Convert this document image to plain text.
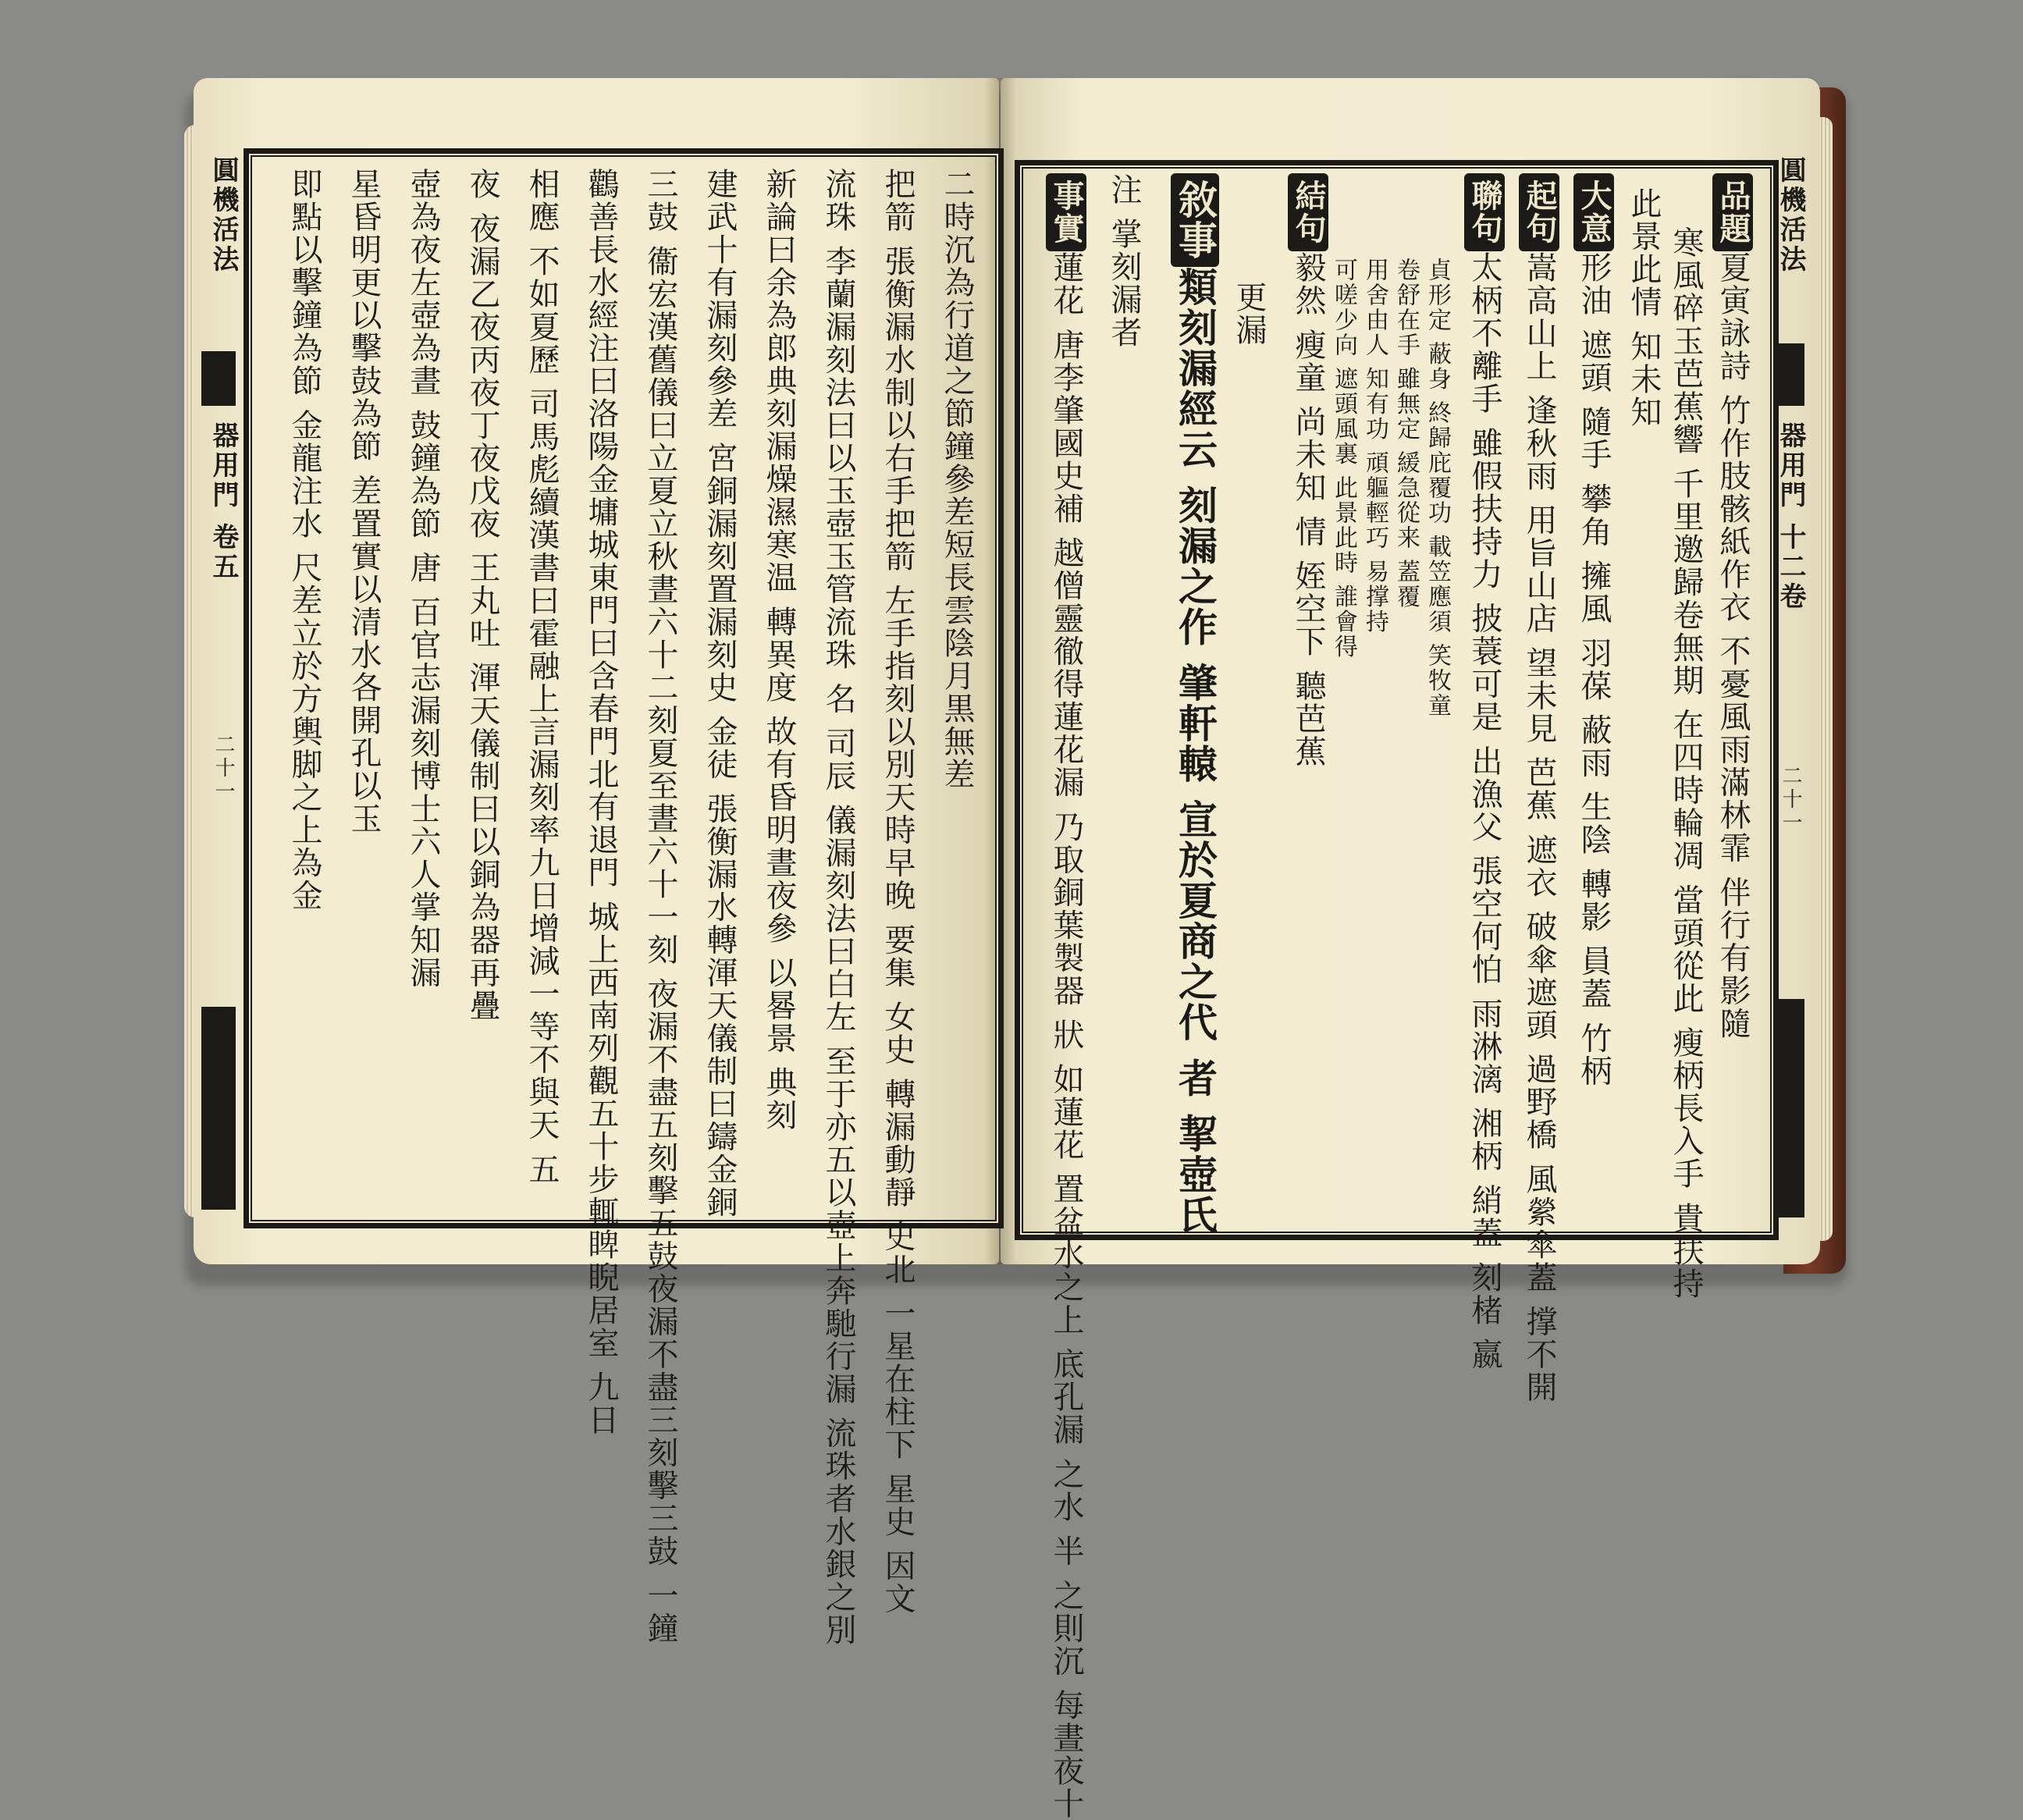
圓機活法
器用門 卷五
二十一
圓機活法
器用門 十二卷
二十一
二時沉為行道之節鐘參差短長雲陰月黒無差
把箭 張衡漏水制以右手把箭 左手指刻以別天時早晚 要集 女史 轉漏動靜 史北 一星在柱下 星史 因文
流珠 李蘭漏刻法曰以玉壺玉管流珠 名 司辰 儀漏刻法曰白左 至于亦五以壺上奔馳行漏 流珠者水銀之別
新論曰余為郎典刻漏燥濕寒温 轉異度 故有昏明晝夜參 以晷景 典刻
建武十有漏刻參差 宮銅漏刻置漏刻史 金徒 張衡漏水轉渾天儀制曰鑄金銅
三鼓 衞宏漢舊儀曰立夏立秋晝六十二刻夏至晝六十一刻 夜漏不盡五刻擊五鼓夜漏不盡三刻擊三鼓 一鐘
鸛善長水經注曰洛陽金墉城東門曰含春門北有退門 城上西南列觀五十步輒睥睨居室 九日
相應 不如夏歷 司馬彪續漢書曰霍融上言漏刻率九日增減一等不與天 五
夜 夜漏乙夜丙夜丁夜戊夜 王丸吐 渾天儀制曰以銅為器再疊
壺為夜左壺為晝 鼓鐘為節 唐 百官志漏刻博士六人掌知漏
星昏明更以擊鼓為節 差置實以清水各開孔以玉
即點以擊鐘為節 金龍注水 尺差立於方輿脚之上為金	品題夏寅詠詩 竹作肢骸紙作衣 不憂風雨滿林霏 伴行有影隨
寒風碎玉芭蕉響 千里邀歸卷無期 在四時輪凋 當頭從此 瘦柄長入手 貴扶持
此景此情 知未知
大意形油 遮頭 隨手 攀角 擁風 羽葆 蔽雨 生陰 轉影 員蓋 竹柄
起句嵩高山上 逢秋雨 用旨山店 望未見 芭蕉 遮衣 破傘遮頭 過野橋 風縈傘蓋 撑不開
聯句太柄不離手 雖假扶持力 披蓑可是 出漁父 張空何怕 雨淋漓 湘柄 綃蓋 刻楮 嬴
貞形定 蔽身 終歸庇覆功 載笠應須 笑牧童
卷舒在手 雖無定 緩急從来 蓋覆
用舍由人 知有功 頑軀輕巧 易撑持
可嗟少向 遮頭風裏 此景此時 誰會得
結句毅然 瘦童 尚未知 情 姪空下 聽芭蕉
更漏
敘事類刻漏經云 刻漏之作 肇軒轅 宣於夏商之代 者 挈壺氏
注 掌刻漏者
事實蓮花 唐李肇國史補 越僧靈徹得蓮花漏 乃取銅葉製器 狀 如蓮花 置盆水之上 底孔漏 之水 半 之則沉 每晝夜十
